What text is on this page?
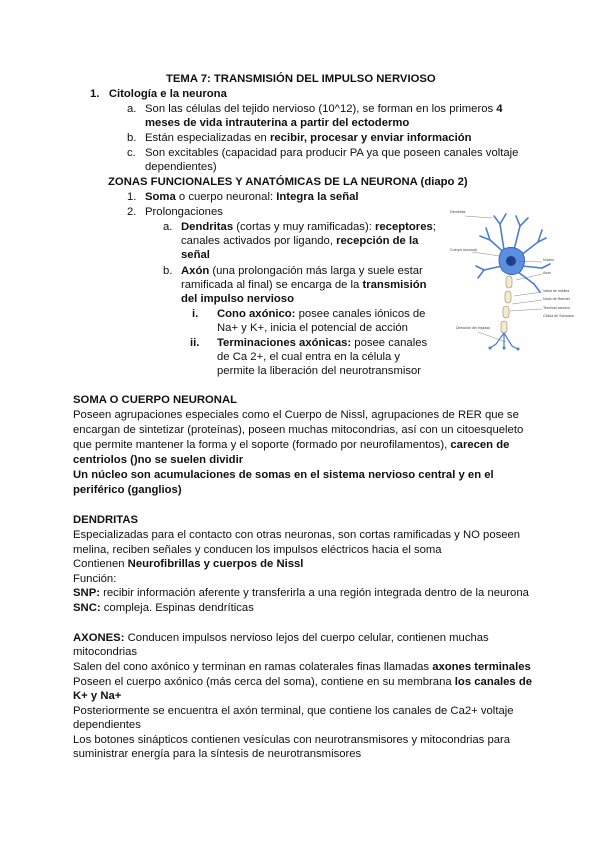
TEMA 7: TRANSMISIÓN DEL IMPULSO NERVIOSO
1. Citología e la neurona
a. Son las células del tejido nervioso (10^12), se forman en los primeros 4
meses de vida intrauterina a partir del ectodermo
b. Están especializadas en recibir, procesar y enviar información
c. Son excitables (capacidad para producir PA ya que poseen canales voltaje
dependientes)
ZONAS FUNCIONALES Y ANATÓMICAS DE LA NEURONA (diapo 2)
1. Soma o cuerpo neuronal: Integra la señal
2. Prolongaciones
a. Dendritas (cortas y muy ramificadas): receptores;
canales activados por ligando, recepción de la
señal
b. Axón (una prolongación más larga y suele estar
ramificada al final) se encarga de la transmisión
del impulso nervioso
i. Cono axónico: posee canales iónicos de
Na+ y K+, inicia el potencial de acción
ii. Terminaciones axónicas: posee canales
de Ca 2+, el cual entra en la célula y
permite la liberación del neurotransmisor
Dendritas
Cuerpo neuronal
Núcleo
Axón
Vaina de mielina
Nodo de Ranvier
Terminal axónico
Célula de Schwann
Dirección del impulso
SOMA O CUERPO NEURONAL
Poseen agrupaciones especiales como el Cuerpo de Nissl, agrupaciones de RER que se
encargan de sintetizar (proteínas), poseen muchas mitocondrias, así con un citoesqueleto
que permite mantener la forma y el soporte (formado por neurofilamentos), carecen de
centriolos ()no se suelen dividir
Un núcleo son acumulaciones de somas en el sistema nervioso central y en el
periférico (ganglios)
DENDRITAS
Especializadas para el contacto con otras neuronas, son cortas ramificadas y NO poseen
melina, reciben señales y conducen los impulsos eléctricos hacia el soma
Contienen Neurofibrillas y cuerpos de Nissl
Función:
SNP: recibir información aferente y transferirla a una región integrada dentro de la neurona
SNC: compleja. Espinas dendríticas
AXONES: Conducen impulsos nervioso lejos del cuerpo celular, contienen muchas
mitocondrias
Salen del cono axónico y terminan en ramas colaterales finas llamadas axones terminales
Poseen el cuerpo axónico (más cerca del soma), contiene en su membrana los canales de
K+ y Na+
Posteriormente se encuentra el axón terminal, que contiene los canales de Ca2+ voltaje
dependientes
Los botones sinápticos contienen vesículas con neurotransmisores y mitocondrias para
suministrar energía para la síntesis de neurotransmisores
